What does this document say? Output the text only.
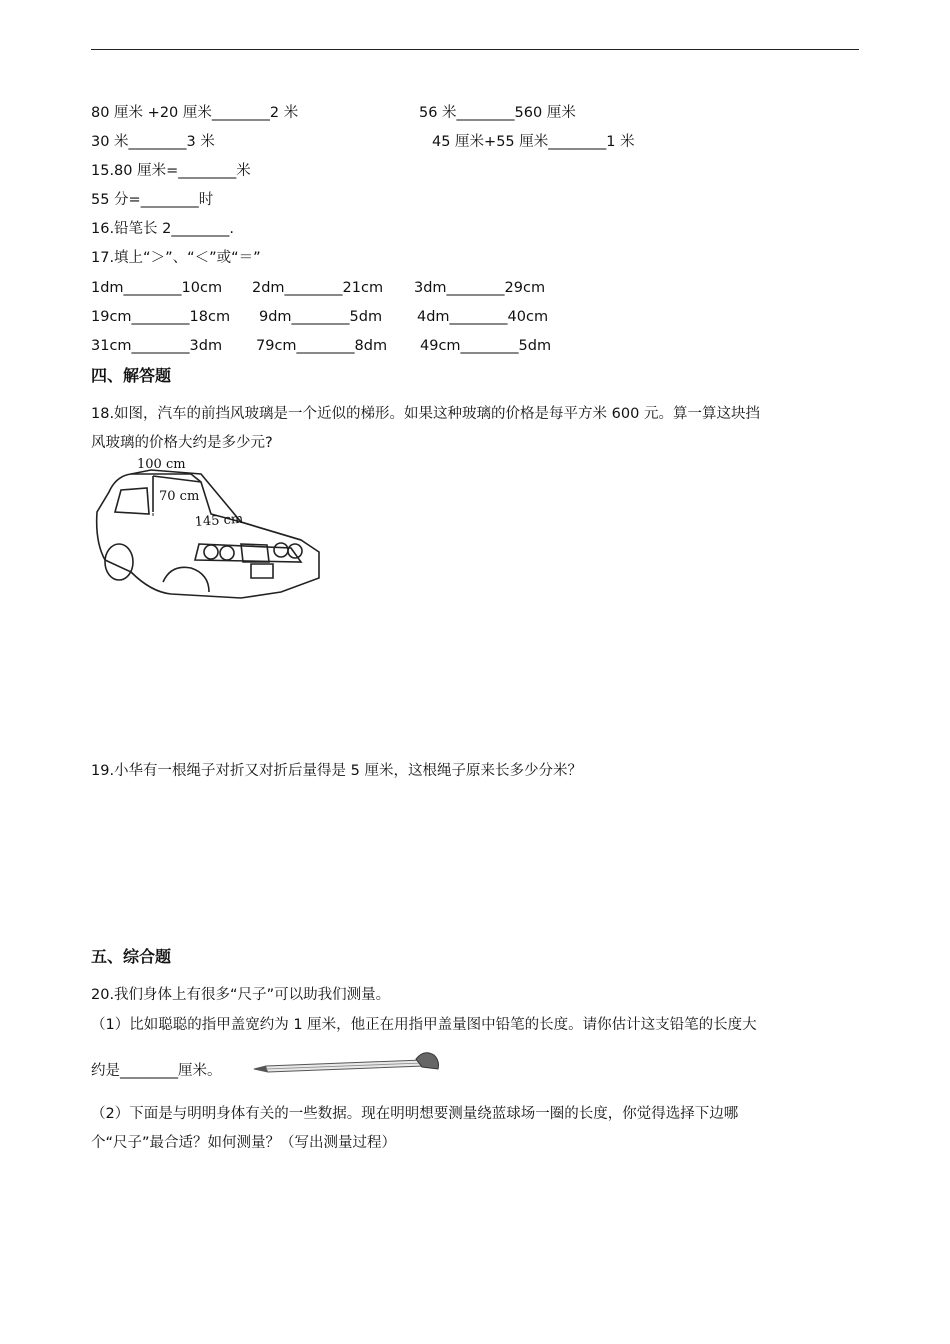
80 厘米 +20 厘米________2 米	56 米________560 厘米
30 米________3 米	45 厘米+55 厘米________1 米
15.80 厘米=________米
55 分=________时
16.铅笔长 2________.
17.填上“＞”、“＜”或“＝”
1dm________10cm 2dm________21cm 3dm________29cm
19cm________18cm 9dm________5dm 4dm________40cm
31cm________3dm 79cm________8dm 49cm________5dm
四、解答题
18.如图，汽车的前挡风玻璃是一个近似的梯形。如果这种玻璃的价格是每平方米 600 元。算一算这块挡
风玻璃的价格大约是多少元?
100 cm
70 cm
145 cm
19.小华有一根绳子对折又对折后量得是 5 厘米，这根绳子原来长多少分米？
五、综合题
20.我们身体上有很多“尺子”可以助我们测量。
（1）比如聪聪的指甲盖宽约为 1 厘米，他正在用指甲盖量图中铅笔的长度。请你估计这支铅笔的长度大
约是________厘米。
（2）下面是与明明身体有关的一些数据。现在明明想要测量绕蓝球场一圈的长度，你觉得选择下边哪
个“尺子”最合适？如何测量？（写出测量过程）
